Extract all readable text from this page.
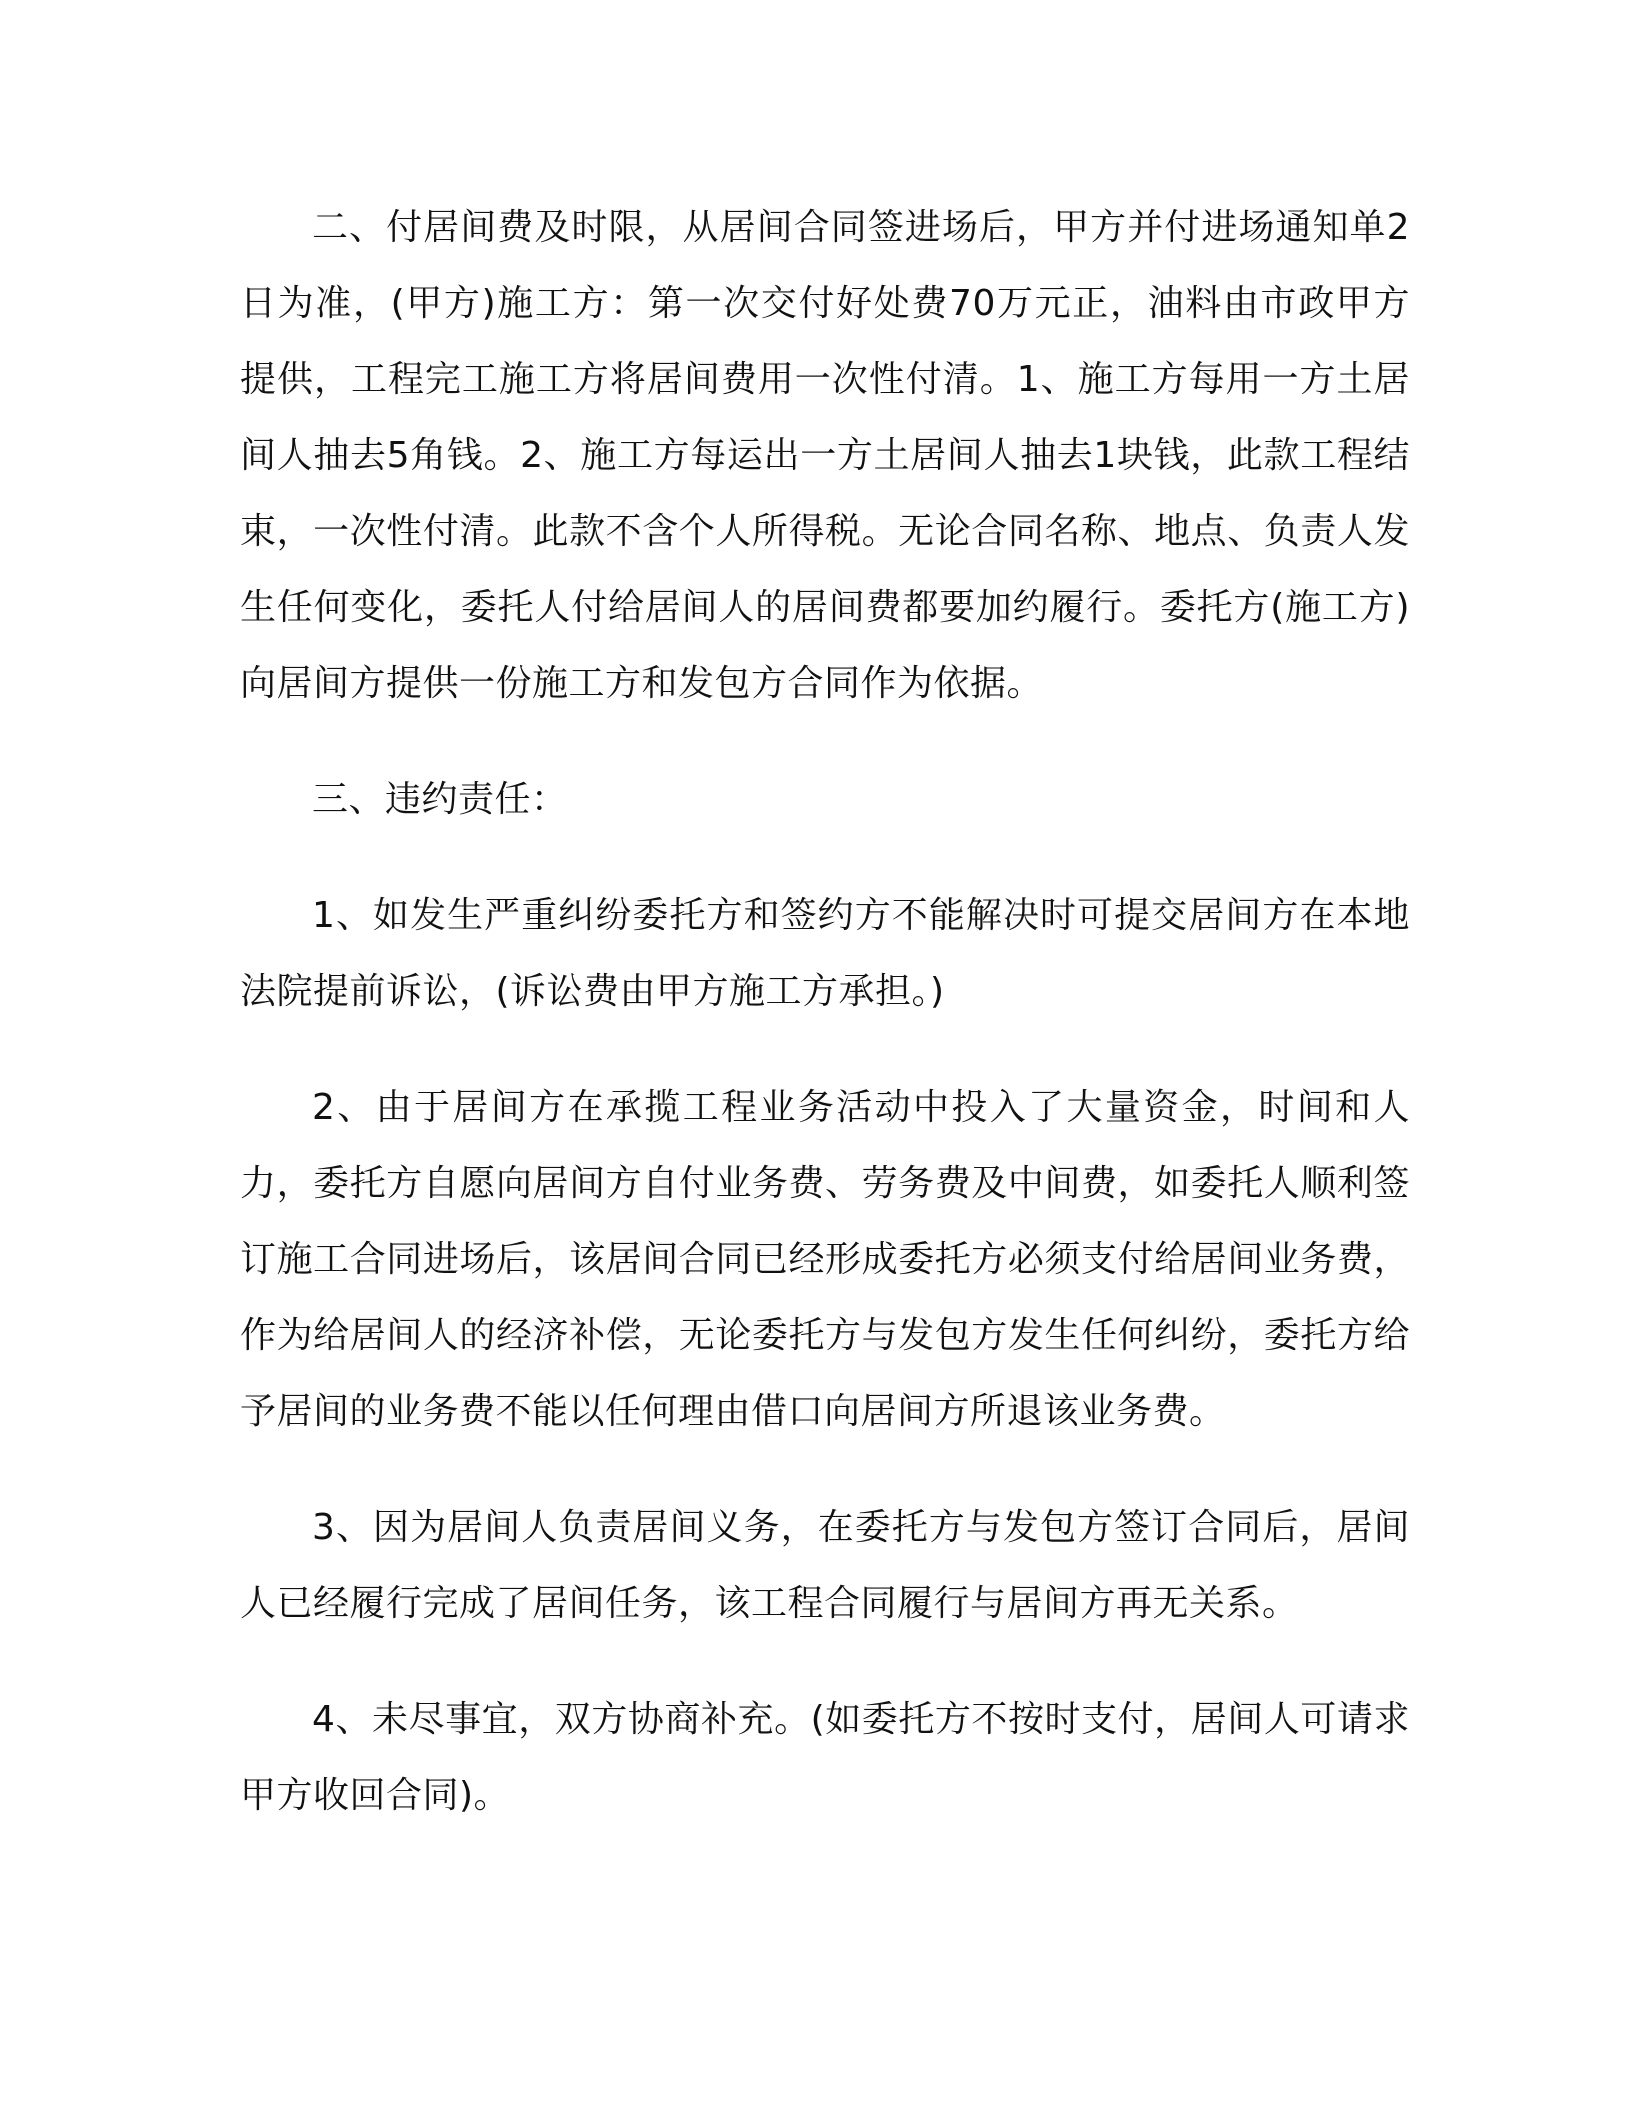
二、付居间费及时限，从居间合同签进场后，甲方并付进场通知单2日为准，(甲方)施工方：第一次交付好处费70万元正，油料由市政甲方提供，工程完工施工方将居间费用一次性付清。1、施工方每用一方土居间人抽去5角钱。2、施工方每运出一方土居间人抽去1块钱，此款工程结束，一次性付清。此款不含个人所得税。无论合同名称、地点、负责人发生任何变化，委托人付给居间人的居间费都要加约履行。委托方(施工方)向居间方提供一份施工方和发包方合同作为依据。

三、违约责任：

1、如发生严重纠纷委托方和签约方不能解决时可提交居间方在本地法院提前诉讼，(诉讼费由甲方施工方承担。)

2、由于居间方在承揽工程业务活动中投入了大量资金，时间和人力，委托方自愿向居间方自付业务费、劳务费及中间费，如委托人顺利签订施工合同进场后，该居间合同已经形成委托方必须支付给居间业务费，作为给居间人的经济补偿，无论委托方与发包方发生任何纠纷，委托方给予居间的业务费不能以任何理由借口向居间方所退该业务费。

3、因为居间人负责居间义务，在委托方与发包方签订合同后，居间人已经履行完成了居间任务，该工程合同履行与居间方再无关系。

4、未尽事宜，双方协商补充。(如委托方不按时支付，居间人可请求甲方收回合同)。
